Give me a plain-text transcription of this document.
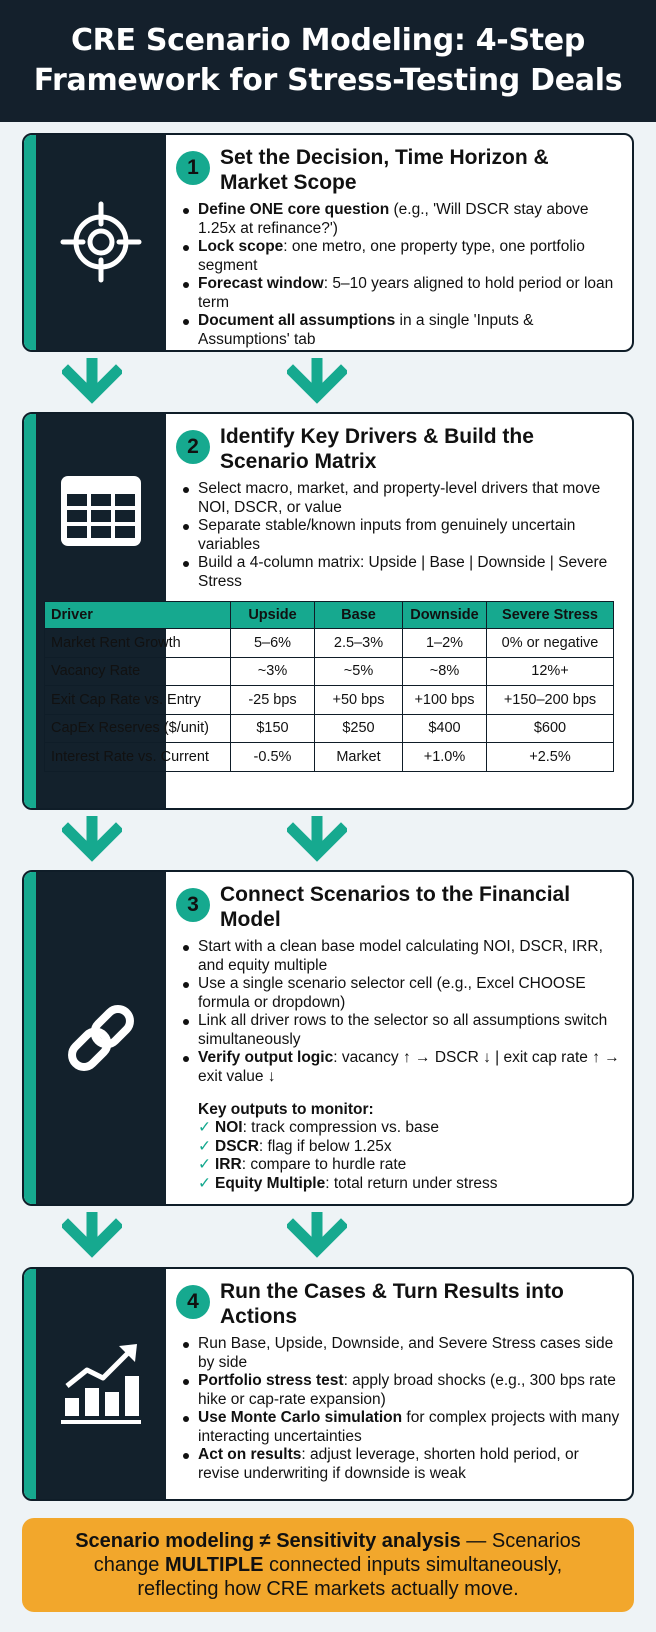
CRE Scenario Modeling: 4-Step
Framework for Stress-Testing Deals
1	Set the Decision, Time Horizon &
Market Scope
Define ONE core question (e.g., 'Will DSCR stay above 1.25x at refinance?')
Lock scope: one metro, one property type, one portfolio segment
Forecast window: 5–10 years aligned to hold period or loan term
Document all assumptions in a single 'Inputs & Assumptions' tab
2	Identify Key Drivers & Build the
Scenario Matrix
Select macro, market, and property-level drivers that move NOI, DSCR, or value
Separate stable/known inputs from genuinely uncertain variables
Build a 4-column matrix: Upside | Base | Downside | Severe Stress
Driver	Upside	Base	Downside	Severe Stress
Market Rent Growth	5–6%	2.5–3%	1–2%	0% or negative
Vacancy Rate	~3%	~5%	~8%	12%+
Exit Cap Rate vs. Entry	-25 bps	+50 bps	+100 bps	+150–200 bps
CapEx Reserves ($/unit)	$150	$250	$400	$600
Interest Rate vs. Current	-0.5%	Market	+1.0%	+2.5%
3	Connect Scenarios to the Financial
Model
Start with a clean base model calculating NOI, DSCR, IRR, and equity multiple
Use a single scenario selector cell (e.g., Excel CHOOSE formula or dropdown)
Link all driver rows to the selector so all assumptions switch simultaneously
Verify output logic: vacancy ↑ → DSCR ↓ | exit cap rate ↑ → exit value ↓
Key outputs to monitor:
✓ NOI: track compression vs. base
✓ DSCR: flag if below 1.25x
✓ IRR: compare to hurdle rate
✓ Equity Multiple: total return under stress
4	Run the Cases & Turn Results into
Actions
Run Base, Upside, Downside, and Severe Stress cases side by side
Portfolio stress test: apply broad shocks (e.g., 300 bps rate hike or cap-rate expansion)
Use Monte Carlo simulation for complex projects with many interacting uncertainties
Act on results: adjust leverage, shorten hold period, or revise underwriting if downside is weak
Scenario modeling ≠ Sensitivity analysis — Scenarios
change MULTIPLE connected inputs simultaneously,
reflecting how CRE markets actually move.
